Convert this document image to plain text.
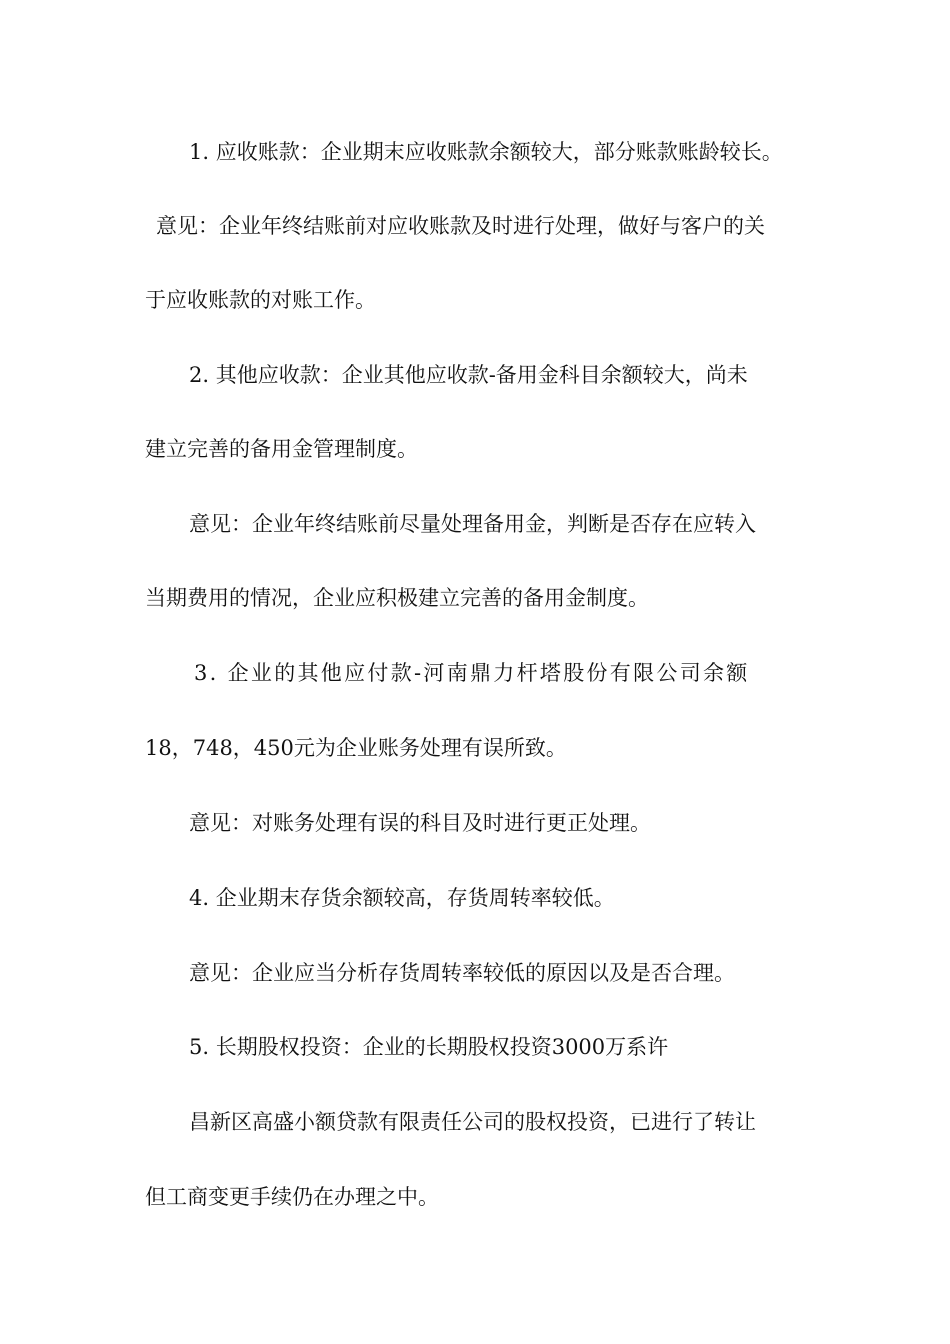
1. 应收账款：企业期末应收账款余额较大，部分账款账龄较长。
意见：企业年终结账前对应收账款及时进行处理，做好与客户的关
于应收账款的对账工作。
2. 其他应收款：企业其他应收款-备用金科目余额较大，尚未
建立完善的备用金管理制度。
意见：企业年终结账前尽量处理备用金，判断是否存在应转入
当期费用的情况，企业应积极建立完善的备用金制度。
3. 企业的其他应付款-河南鼎力杆塔股份有限公司余额
18，748，450元为企业账务处理有误所致。
意见：对账务处理有误的科目及时进行更正处理。
4. 企业期末存货余额较高，存货周转率较低。
意见：企业应当分析存货周转率较低的原因以及是否合理。
5. 长期股权投资：企业的长期股权投资3000万系许
昌新区高盛小额贷款有限责任公司的股权投资，已进行了转让
但工商变更手续仍在办理之中。
